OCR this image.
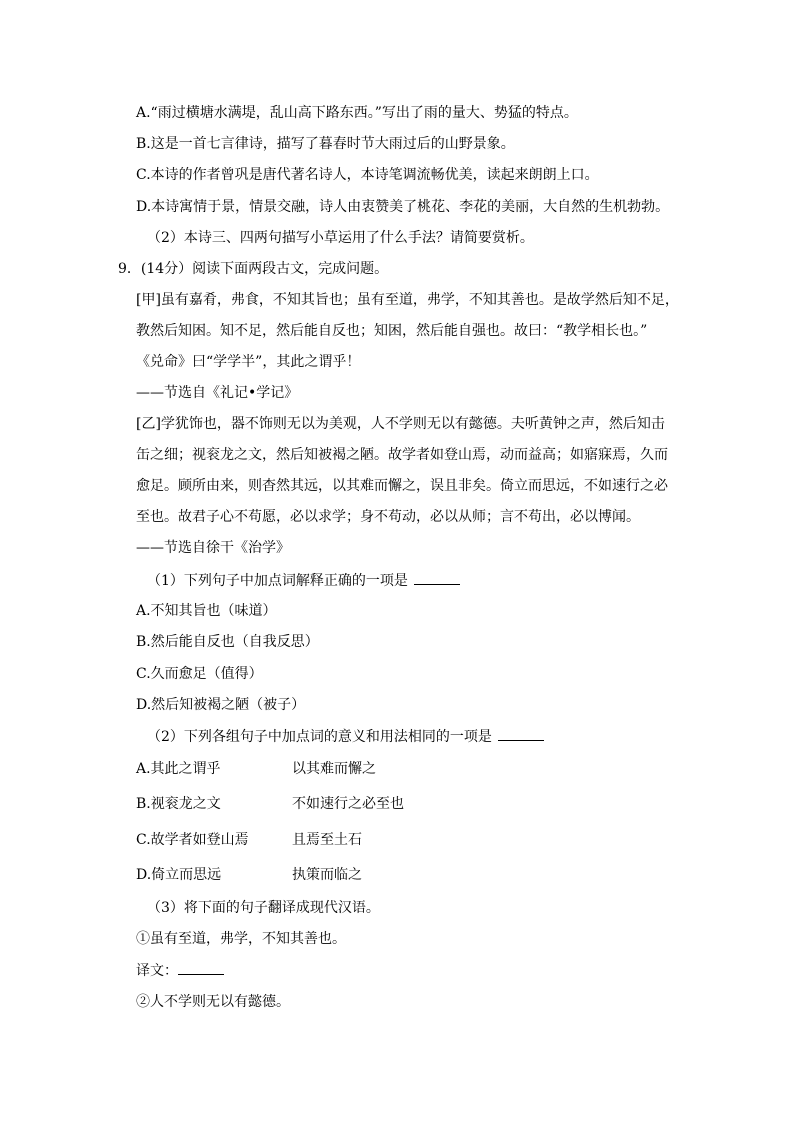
A.“雨过横塘水满堤，乱山高下路东西。”写出了雨的量大、势猛的特点。
B.这是一首七言律诗，描写了暮春时节大雨过后的山野景象。
C.本诗的作者曾巩是唐代著名诗人，本诗笔调流畅优美，读起来朗朗上口。
D.本诗寓情于景，情景交融，诗人由衷赞美了桃花、李花的美丽，大自然的生机勃勃。
（2）本诗三、四两句描写小草运用了什么手法？请简要赏析。
9．(14分）阅读下面两段古文，完成问题。
[甲]虽有嘉肴，弗食，不知其旨也；虽有至道，弗学，不知其善也。是故学然后知不足，
教然后知困。知不足，然后能自反也；知困，然后能自强也。故曰：“教学相长也。”
《兑命》曰“学学半”，其此之谓乎！
——节选自《礼记•学记》
[乙]学犹饰也，器不饰则无以为美观，人不学则无以有懿德。夫听黄钟之声，然后知击
缶之细；视衮龙之文，然后知被褐之陋。故学者如登山焉，动而益高；如寤寐焉，久而
愈足。顾所由来，则杳然其远，以其难而懈之，误且非矣。倚立而思远，不如速行之必
至也。故君子心不苟愿，必以求学；身不苟动，必以从师；言不苟出，必以博闻。
——节选自徐干《治学》
（1）下列句子中加点词解释正确的一项是
A.不知其旨也（味道）
B.然后能自反也（自我反思）
C.久而愈足（值得）
D.然后知被褐之陋（被子）
（2）下列各组句子中加点词的意义和用法相同的一项是
A.其此之谓乎	以其难而懈之
B.视衮龙之文	不如速行之必至也
C.故学者如登山焉	且焉至土石
D.倚立而思远	执策而临之
（3）将下面的句子翻译成现代汉语。
①虽有至道，弗学，不知其善也。
译文：
②人不学则无以有懿德。
